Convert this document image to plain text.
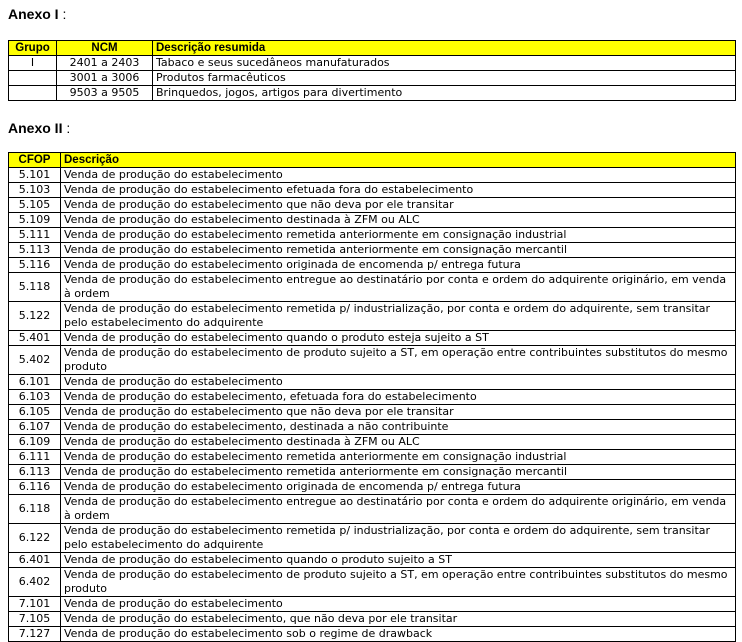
Anexo I :
Grupo	NCM	Descrição resumida
I	2401 a 2403	Tabaco e seus sucedâneos manufaturados
	3001 a 3006	Produtos farmacêuticos
	9503 a 9505	Brinquedos, jogos, artigos para divertimento
Anexo II :
CFOP	Descrição
5.101	Venda de produção do estabelecimento
5.103	Venda de produção do estabelecimento efetuada fora do estabelecimento
5.105	Venda de produção do estabelecimento que não deva por ele transitar
5.109	Venda de produção do estabelecimento destinada à ZFM ou ALC
5.111	Venda de produção do estabelecimento remetida anteriormente em consignação industrial
5.113	Venda de produção do estabelecimento remetida anteriormente em consignação mercantil
5.116	Venda de produção do estabelecimento originada de encomenda p/ entrega futura
5.118	Venda de produção do estabelecimento entregue ao destinatário por conta e ordem do adquirente originário, em venda à ordem
5.122	Venda de produção do estabelecimento remetida p/ industrialização, por conta e ordem do adquirente, sem transitar pelo estabelecimento do adquirente
5.401	Venda de produção do estabelecimento quando o produto esteja sujeito a ST
5.402	Venda de produção do estabelecimento de produto sujeito a ST, em operação entre contribuintes substitutos do mesmo produto
6.101	Venda de produção do estabelecimento
6.103	Venda de produção do estabelecimento, efetuada fora do estabelecimento
6.105	Venda de produção do estabelecimento que não deva por ele transitar
6.107	Venda de produção do estabelecimento, destinada a não contribuinte
6.109	Venda de produção do estabelecimento destinada à ZFM ou ALC
6.111	Venda de produção do estabelecimento remetida anteriormente em consignação industrial
6.113	Venda de produção do estabelecimento remetida anteriormente em consignação mercantil
6.116	Venda de produção do estabelecimento originada de encomenda p/ entrega futura
6.118	Venda de produção do estabelecimento entregue ao destinatário por conta e ordem do adquirente originário, em venda à ordem
6.122	Venda de produção do estabelecimento remetida p/ industrialização, por conta e ordem do adquirente, sem transitar pelo estabelecimento do adquirente
6.401	Venda de produção do estabelecimento quando o produto sujeito a ST
6.402	Venda de produção do estabelecimento de produto sujeito a ST, em operação entre contribuintes substitutos do mesmo produto
7.101	Venda de produção do estabelecimento
7.105	Venda de produção do estabelecimento, que não deva por ele transitar
7.127	Venda de produção do estabelecimento sob o regime de drawback
